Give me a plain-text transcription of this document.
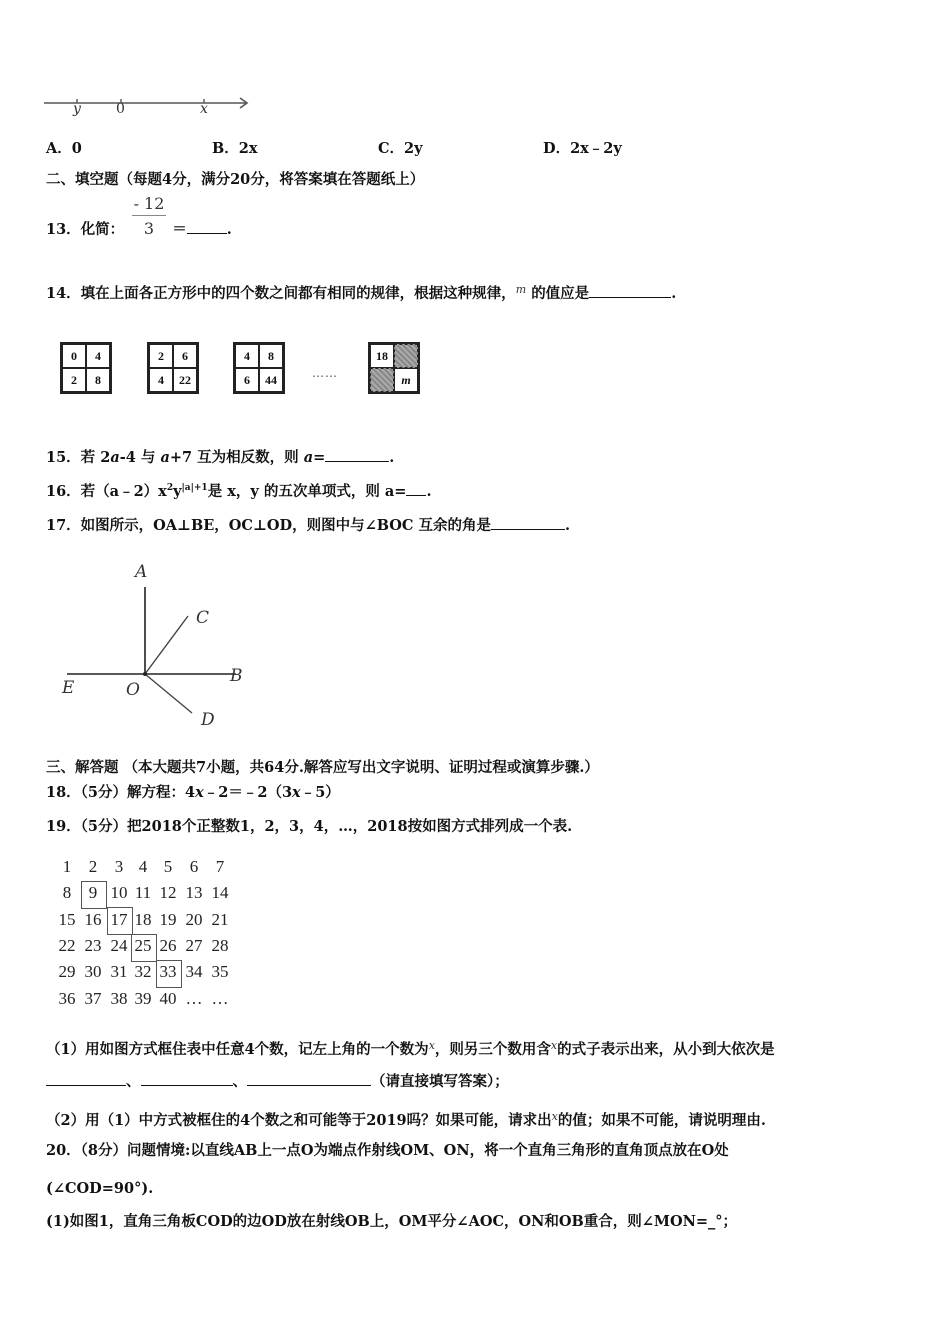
y	0	x
A．0	B．2x	C．2y	D．2x﹣2y
二、填空题（每题4分，满分20分，将答案填在答题纸上）
$\frac{- 12}{3}$
13．化简：	＝	.
14．填在上面各正方形中的四个数之间都有相同的规律，根据这种规律，$^m$ 的值应是	.
0	4
2	8
2	6
4	22
4	8
6	44	……
18
m
15．若 2a-4 与 a+7 互为相反数，则 a=	.
16．若$(a﹣2)x^2y^{|a|+1}$是 x，y 的五次单项式，则 a= .
17．如图所示，OA⊥BE，OC⊥OD，则图中与∠BOC 互余的角是	.
A
C
B
E	O
D
三、解答题 （本大题共7小题，共64分.解答应写出文字说明、证明过程或演算步骤.）
18．（5分）解方程：4x﹣2＝﹣2（3x﹣5）
19．（5分）把2018个正整数1，2，3，4，…，2018按如图方式排列成一个表.
1	2	3 4 5	6	7
8	9 10 11 12 13 14
15 16 17 18 19 20 21
22 23 24 25 26 27 28
29 30 31 32 33 34 35
36 37 38 39 40 … …
（1）用如图方式框住表中任意4个数，记左上角的一个数为$^x$，则另三个数用含$^x$的式子表示出来，从小到大依次是
、	、	（请直接填写答案）；
（2）用（1）中方式被框住的4个数之和可能等于2019吗？如果可能，请求出$^x$的值；如果不可能，请说明理由.
20．（8分）问题情境:以直线AB上一点O为端点作射线OM、ON，将一个直角三角形的直角顶点放在O处
(∠COD=90°).
(1)如图1，直角三角板COD的边OD放在射线OB上，OM平分∠AOC，ON和OB重合，则∠MON=_°；
